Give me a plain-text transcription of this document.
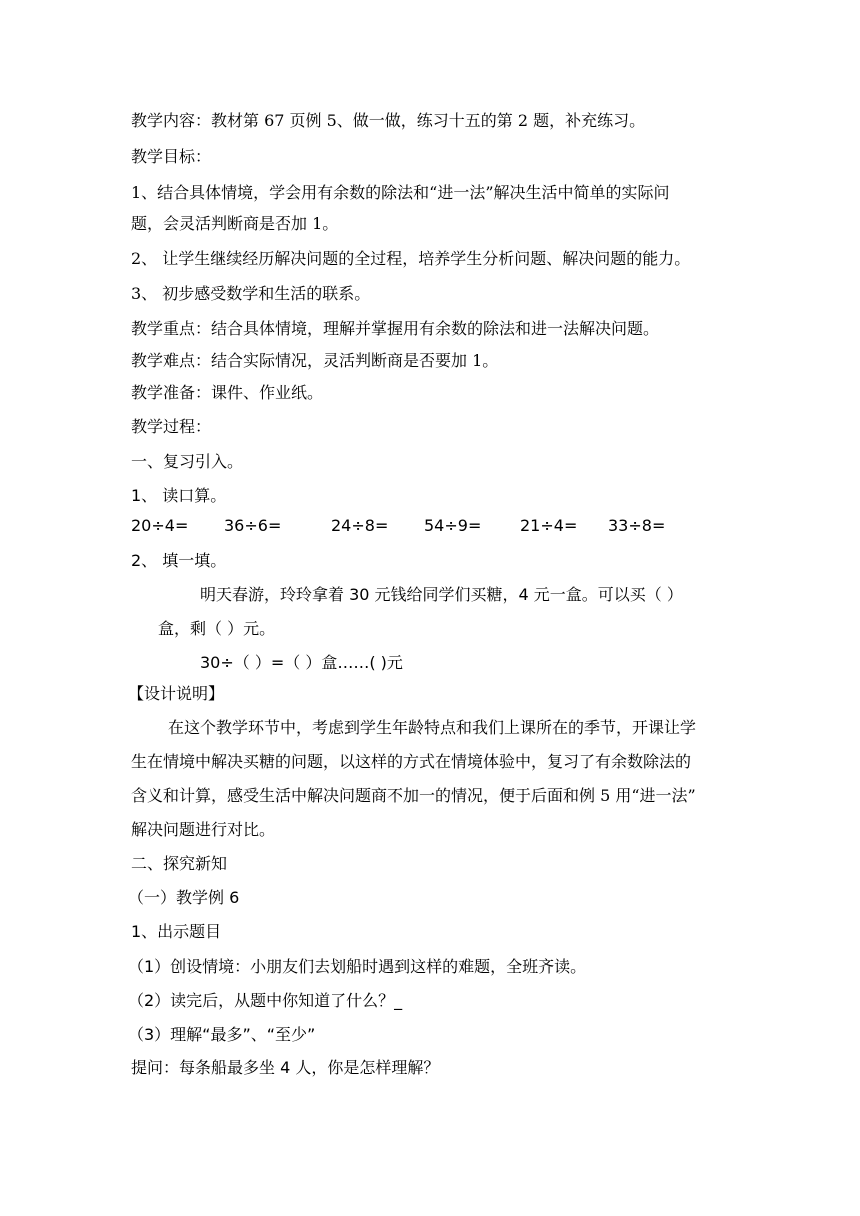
教学内容：教材第 67 页例 5、做一做，练习十五的第 2 题，补充练习。
教学目标：
1、结合具体情境，学会用有余数的除法和“进一法”解决生活中简单的实际问
题，会灵活判断商是否加 1。
2、 让学生继续经历解决问题的全过程，培养学生分析问题、解决问题的能力。
3、 初步感受数学和生活的联系。
教学重点：结合具体情境，理解并掌握用有余数的除法和进一法解决问题。
教学难点：结合实际情况，灵活判断商是否要加 1。
教学准备：课件、作业纸。
教学过程：
一、复习引入。
1、 读口算。
20÷4= 36÷6=	24÷8= 54÷9= 21÷4= 33÷8=
2、 填一填。
明天春游，玲玲拿着 30 元钱给同学们买糖，4 元一盒。可以买（ ）
盒，剩（ ）元。
30÷（ ）=（ ）盒……( )元
【设计说明】
在这个教学环节中，考虑到学生年龄特点和我们上课所在的季节，开课让学
生在情境中解决买糖的问题，以这样的方式在情境体验中，复习了有余数除法的
含义和计算，感受生活中解决问题商不加一的情况，便于后面和例 5 用“进一法”
解决问题进行对比。
二、探究新知
（一）教学例 6
1、出示题目
（1）创设情境：小朋友们去划船时遇到这样的难题，全班齐读。
（2）读完后，从题中你知道了什么？_
（3）理解“最多”、“至少”
提问：每条船最多坐 4 人，你是怎样理解？
